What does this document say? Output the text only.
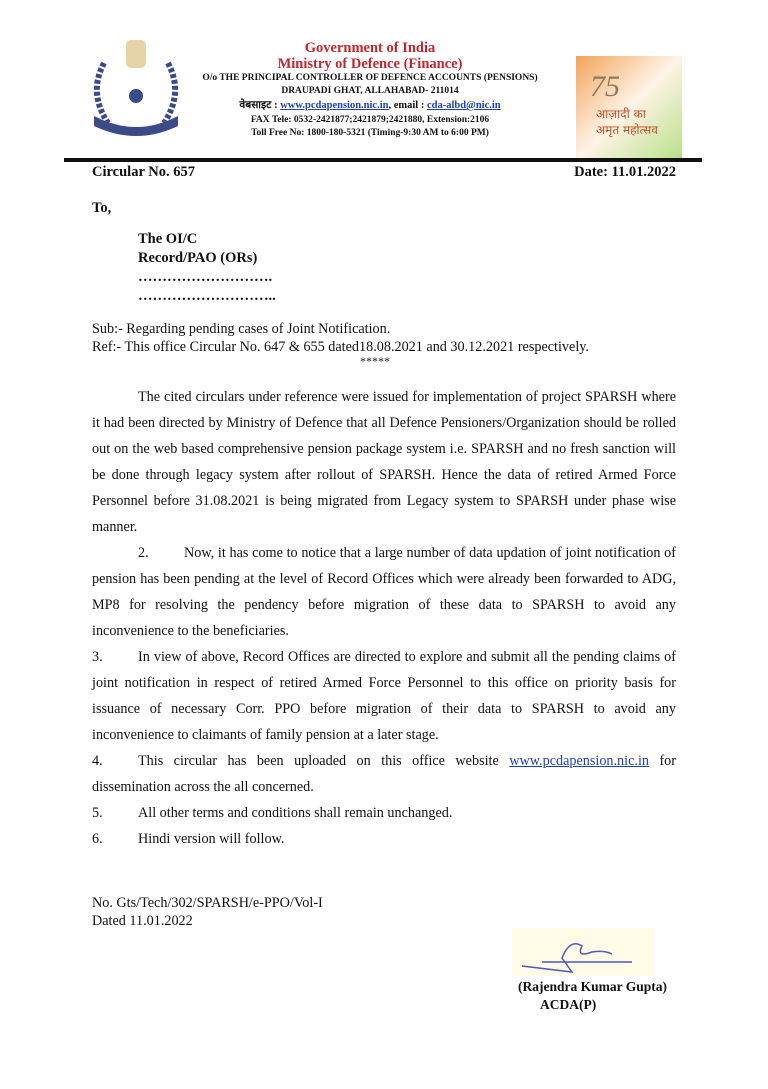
Government of India
Ministry of Defence (Finance)
O/o THE PRINCIPAL CONTROLLER OF DEFENCE ACCOUNTS (PENSIONS)
DRAUPADI GHAT, ALLAHABAD- 211014
वेबसाइट : www.pcdapension.nic.in, email : cda-albd@nic.in
FAX Tele: 0532-2421877;2421879;2421880, Extension:2106
Toll Free No: 1800-180-5321 (Timing-9:30 AM to 6:00 PM)
75
आज़ादी का अमृत महोत्सव
Circular No. 657	Date: 11.01.2022
To,
The OI/C
Record/PAO (ORs)
……………………….
………………………..
Sub:- Regarding pending cases of Joint Notification.
Ref:- This office Circular No. 647 & 655 dated18.08.2021 and 30.12.2021 respectively.
*****

The cited circulars under reference were issued for implementation of project SPARSH where it had been directed by Ministry of Defence that all Defence Pensioners/Organization should be rolled out on the web based comprehensive pension package system i.e. SPARSH and no fresh sanction will be done through legacy system after rollout of SPARSH. Hence the data of retired Armed Force Personnel before 31.08.2021 is being migrated from Legacy system to SPARSH under phase wise manner.

2. Now, it has come to notice that a large number of data updation of joint notification of pension has been pending at the level of Record Offices which were already been forwarded to ADG, MP8 for resolving the pendency before migration of these data to SPARSH to avoid any inconvenience to the beneficiaries.

3. In view of above, Record Offices are directed to explore and submit all the pending claims of joint notification in respect of retired Armed Force Personnel to this office on priority basis for issuance of necessary Corr. PPO before migration of their data to SPARSH to avoid any inconvenience to claimants of family pension at a later stage.

4. This circular has been uploaded on this office website www.pcdapension.nic.in for dissemination across the all concerned.

5. All other terms and conditions shall remain unchanged.

6. Hindi version will follow.

No. Gts/Tech/302/SPARSH/e-PPO/Vol-I
Dated 11.01.2022
(Rajendra Kumar Gupta)
ACDA(P)
